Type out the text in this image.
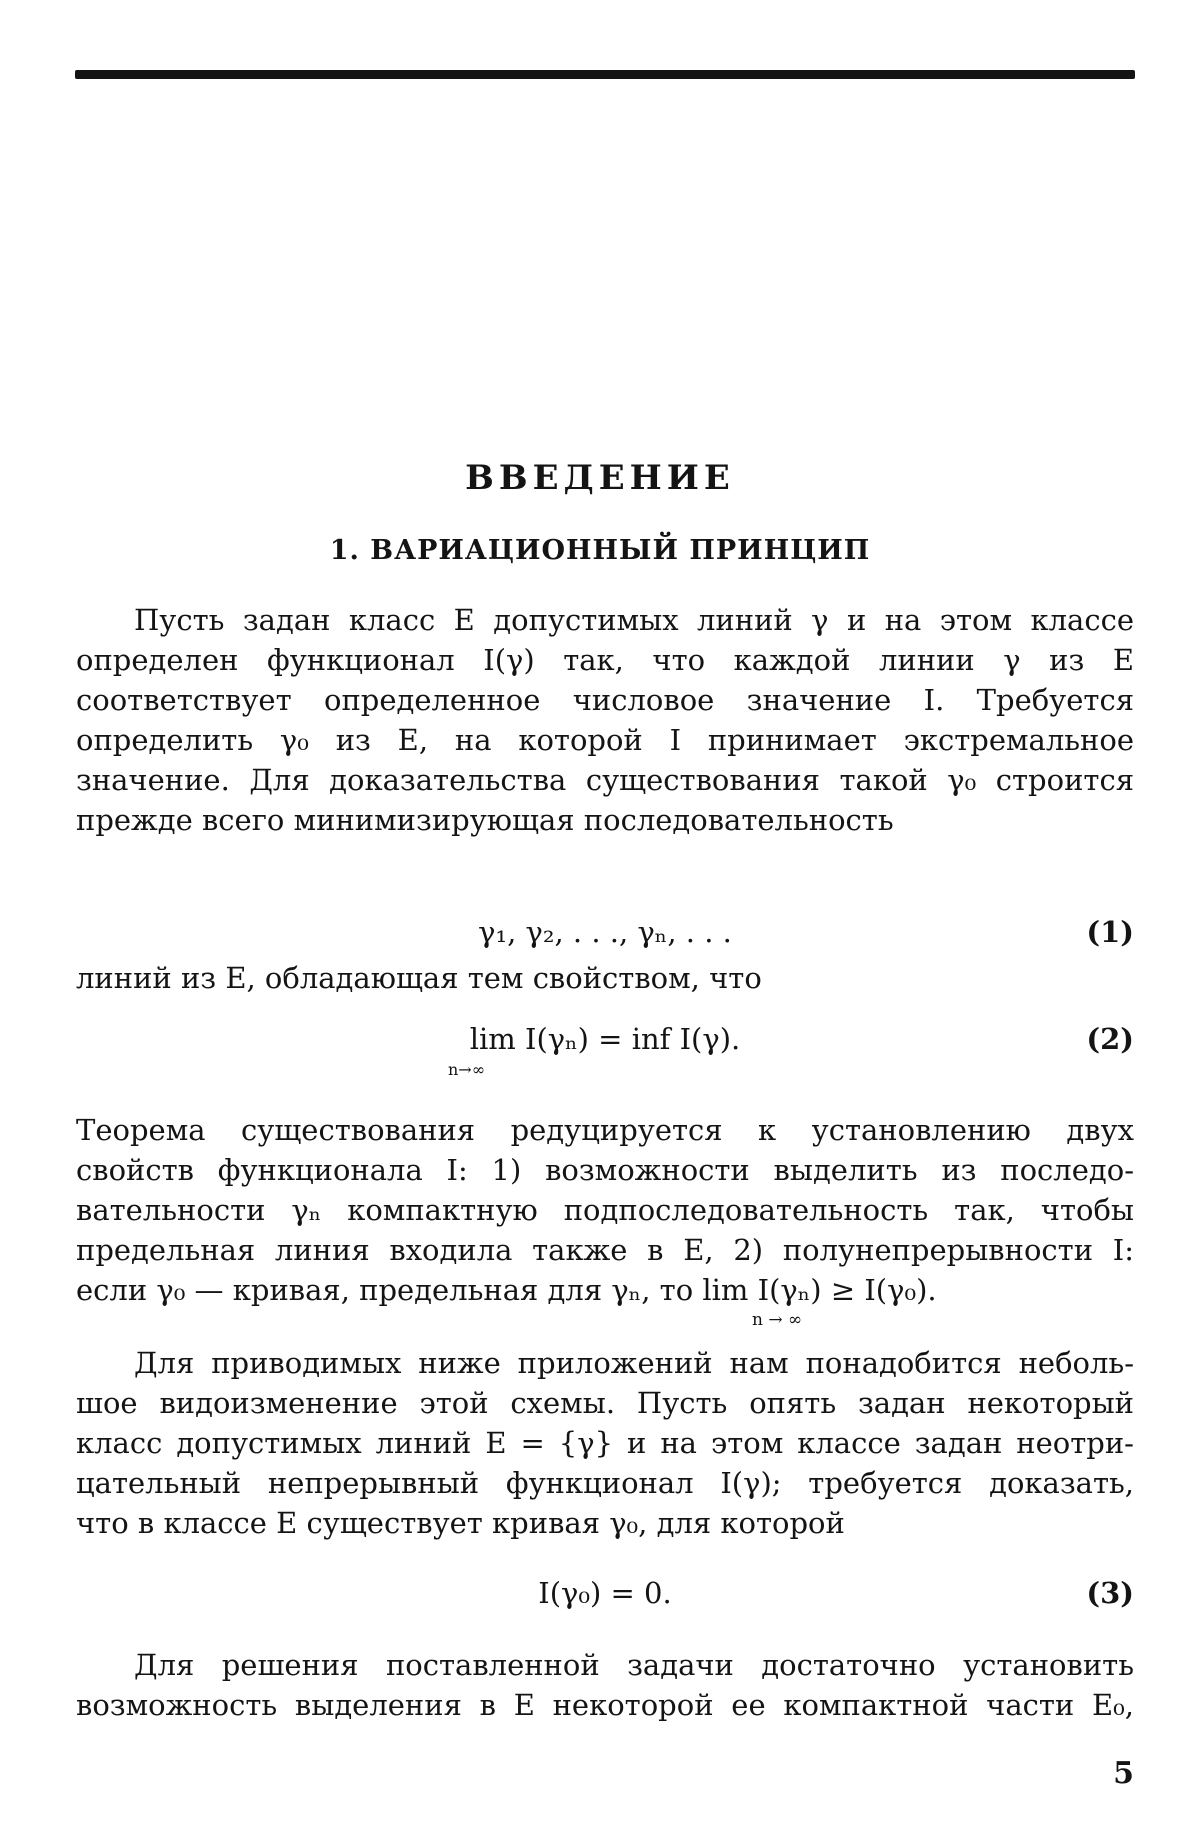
ВВЕДЕНИЕ
1. ВАРИАЦИОННЫЙ ПРИНЦИП

Пусть задан класс E допустимых линий γ и на этом классе
определен функционал I(γ) так, что каждой линии γ из E
соответствует определенное числовое значение I. Требуется
определить γ₀ из E, на которой I принимает экстремальное
значение. Для доказательства существования такой γ₀ строится
прежде всего минимизирующая последовательность

γ₁, γ₂, . . ., γₙ, . . .	(1)

линий из E, обладающая тем свойством, что

lim I(γₙ) = inf I(γ).
n→∞
(2)

Теорема существования редуцируется к установлению двух
свойств функционала I: 1) возможности выделить из последо-
вательности γₙ компактную подпоследовательность так, чтобы
предельная линия входила также в E, 2) полунепрерывности I:
если γ₀ — кривая, предельная для γₙ, то lim I(γₙ) ≥ I(γ₀).

n → ∞

Для приводимых ниже приложений нам понадобится неболь-
шое видоизменение этой схемы. Пусть опять задан некоторый
класс допустимых линий E = {γ} и на этом классе задан неотри-
цательный непрерывный функционал I(γ); требуется доказать,
что в классе E существует кривая γ₀, для которой

I(γ₀) = 0.	(3)

Для решения поставленной задачи достаточно установить
возможность выделения в E некоторой ее компактной части E₀,

5
